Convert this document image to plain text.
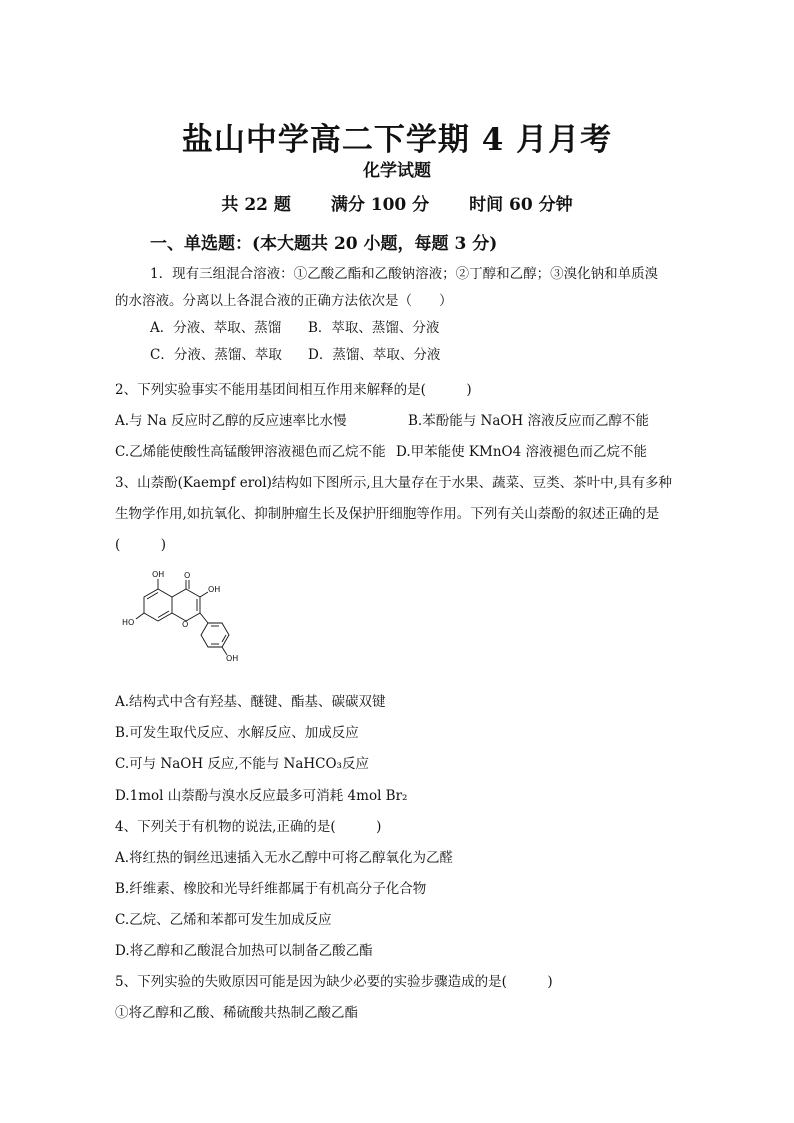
盐山中学高二下学期 4 月月考
化学试题
共 22 题 满分 100 分 时间 60 分钟
一、单选题：(本大题共 20 小题，每题 3 分)
1．现有三组混合溶液：①乙酸乙酯和乙酸钠溶液；②丁醇和乙醇；③溴化钠和单质溴
的水溶液。分离以上各混合液的正确方法依次是（　　）
A．分液、萃取、蒸馏 B．萃取、蒸馏、分液
C．分液、蒸馏、萃取 D．蒸馏、萃取、分液
2、下列实验事实不能用基团间相互作用来解释的是(　　　)
A.与 Na 反应时乙醇的反应速率比水慢	B.苯酚能与 NaOH 溶液反应而乙醇不能
C.乙烯能使酸性高锰酸钾溶液褪色而乙烷不能 D.甲苯能使 KMnO4 溶液褪色而乙烷不能
3、山萘酚(Kaempf erol)结构如下图所示,且大量存在于水果、蔬菜、豆类、茶叶中,具有多种
生物学作用,如抗氧化、抑制肿瘤生长及保护肝细胞等作用。下列有关山萘酚的叙述正确的是
(　　　)
OH O
OH
HO	O
OH
A.结构式中含有羟基、醚键、酯基、碳碳双键
B.可发生取代反应、水解反应、加成反应
C.可与 NaOH 反应,不能与 NaHCO₃反应
D.1mol 山萘酚与溴水反应最多可消耗 4mol Br₂
4、下列关于有机物的说法,正确的是(　　　)
A.将红热的铜丝迅速插入无水乙醇中可将乙醇氧化为乙醛
B.纤维素、橡胶和光导纤维都属于有机高分子化合物
C.乙烷、乙烯和苯都可发生加成反应
D.将乙醇和乙酸混合加热可以制备乙酸乙酯
5、下列实验的失败原因可能是因为缺少必要的实验步骤造成的是(　　　)
①将乙醇和乙酸、稀硫酸共热制乙酸乙酯
